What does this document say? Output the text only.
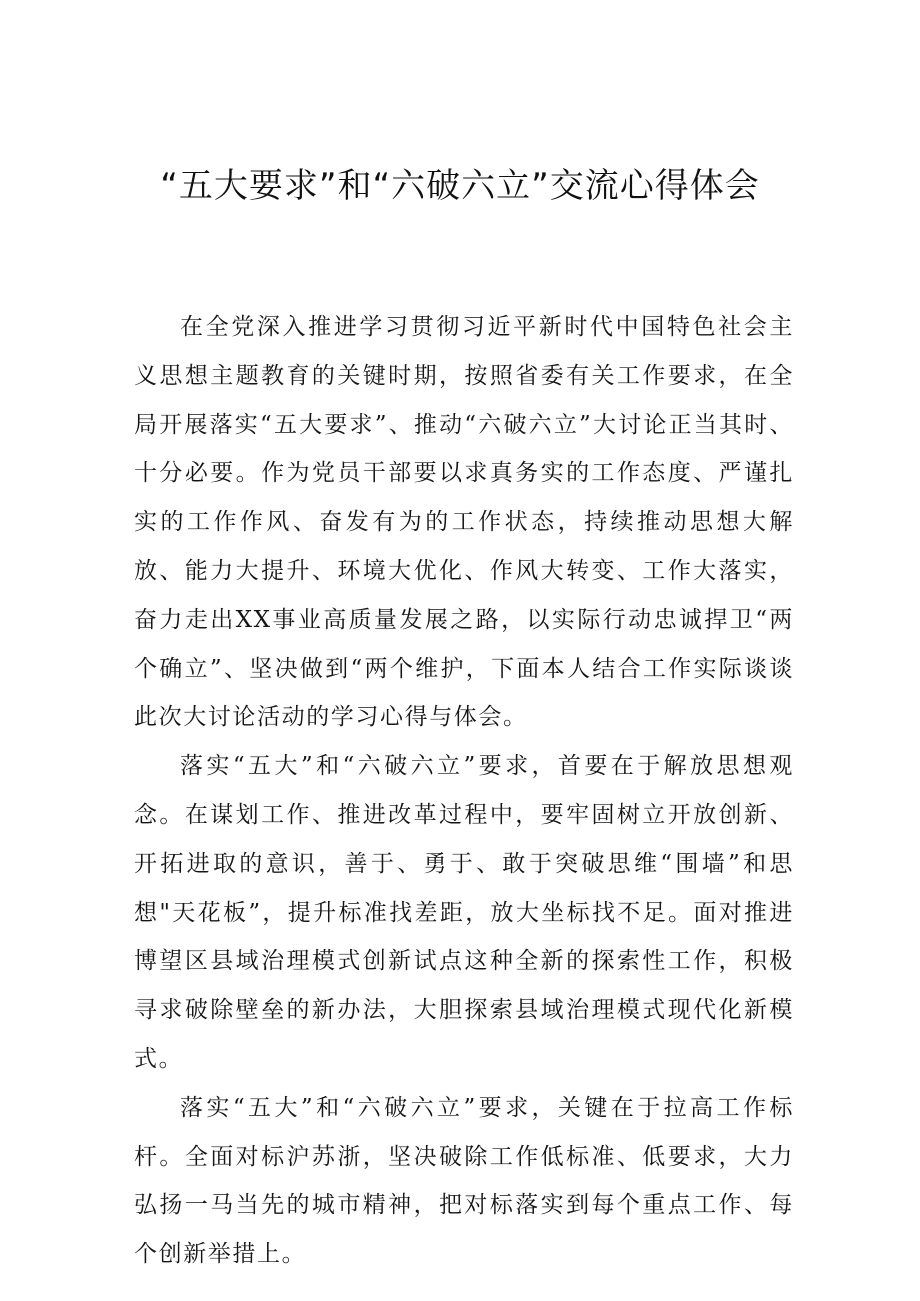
“五大要求”和“六破六立”交流心得体会

在全党深入推进学习贯彻习近平新时代中国特色社会主义思想主题教育的关键时期，按照省委有关工作要求，在全局开展落实“五大要求”、推动“六破六立”大讨论正当其时、十分必要。作为党员干部要以求真务实的工作态度、严谨扎实的工作作风、奋发有为的工作状态，持续推动思想大解放、能力大提升、环境大优化、作风大转变、工作大落实，奋力走出XX事业高质量发展之路，以实际行动忠诚捍卫“两个确立”、坚决做到“两个维护，下面本人结合工作实际谈谈此次大讨论活动的学习心得与体会。

落实“五大”和“六破六立”要求，首要在于解放思想观念。在谋划工作、推进改革过程中，要牢固树立开放创新、开拓进取的意识，善于、勇于、敢于突破思维“围墙”和思想"天花板”，提升标准找差距，放大坐标找不足。面对推进博望区县域治理模式创新试点这种全新的探索性工作，积极寻求破除壁垒的新办法，大胆探索县域治理模式现代化新模式。

落实“五大”和“六破六立”要求，关键在于拉高工作标杆。全面对标沪苏浙，坚决破除工作低标准、低要求，大力弘扬一马当先的城市精神，把对标落实到每个重点工作、每个创新举措上。
